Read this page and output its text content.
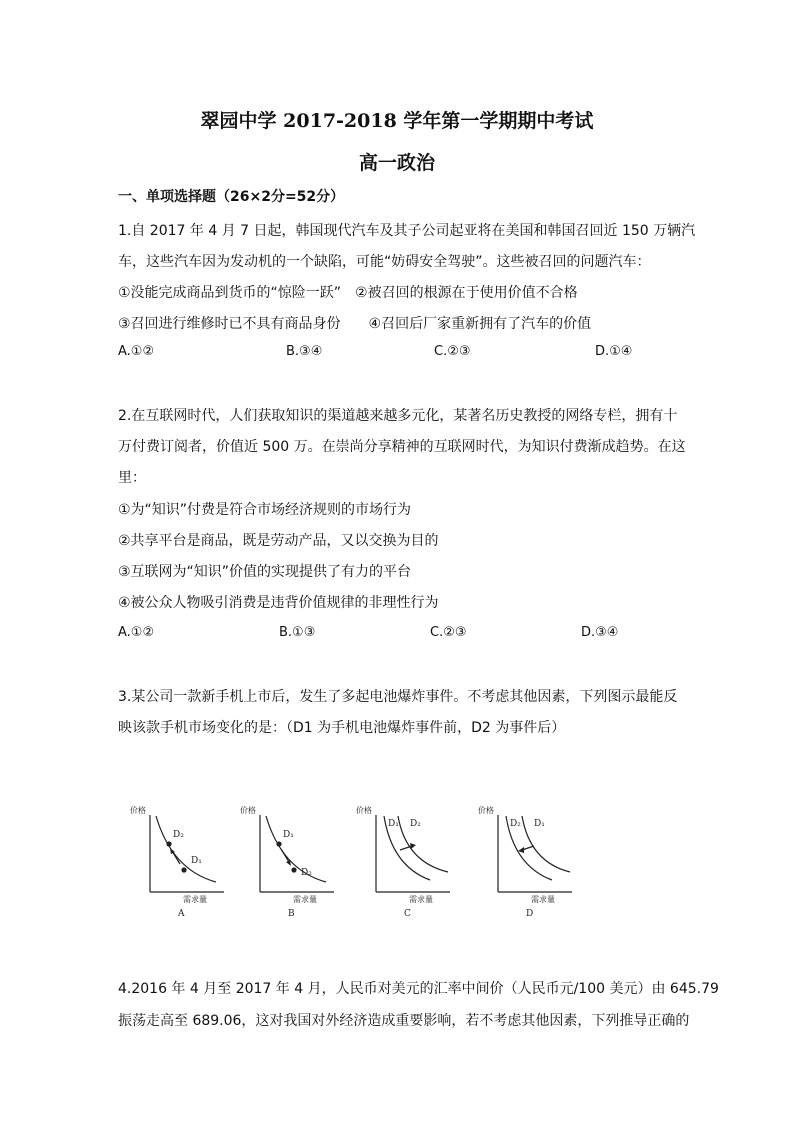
翠园中学 2017-2018 学年第一学期期中考试
高一政治
一、单项选择题（26×2分=52分）
1.自 2017 年 4 月 7 日起，韩国现代汽车及其子公司起亚将在美国和韩国召回近 150 万辆汽
车，这些汽车因为发动机的一个缺陷，可能“妨碍安全驾驶”。这些被召回的问题汽车：
①没能完成商品到货币的“惊险一跃”　②被召回的根源在于使用价值不合格
③召回进行维修时已不具有商品身份　　④召回后厂家重新拥有了汽车的价值
A.①②	B.③④	C.②③	D.①④
2.在互联网时代，人们获取知识的渠道越来越多元化，某著名历史教授的网络专栏，拥有十
万付费订阅者，价值近 500 万。在崇尚分享精神的互联网时代，为知识付费渐成趋势。在这
里：
①为“知识”付费是符合市场经济规则的市场行为
②共享平台是商品，既是劳动产品，又以交换为目的
③互联网为“知识”价值的实现提供了有力的平台
④被公众人物吸引消费是违背价值规律的非理性行为
A.①②	B.①③	C.②③	D.③④
3.某公司一款新手机上市后，发生了多起电池爆炸事件。不考虑其他因素，下列图示最能反
映该款手机市场变化的是：（D1 为手机电池爆炸事件前，D2 为事件后）
价格
D₂
D₁
需求量
A
价格
D₁
D₂
需求量
B
价格
D₁ D₂
需求量
C
价格
D₂ D₁
需求量
D
4.2016 年 4 月至 2017 年 4 月，人民币对美元的汇率中间价（人民币元/100 美元）由 645.79
振荡走高至 689.06，这对我国对外经济造成重要影响，若不考虑其他因素，下列推导正确的
